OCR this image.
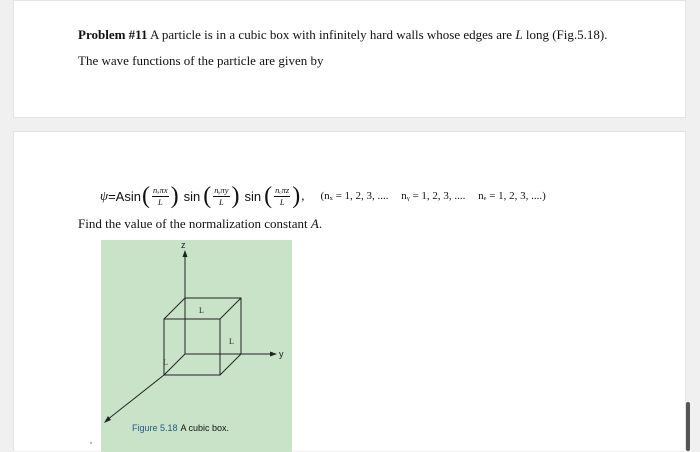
Problem #11 A particle is in a cubic box with infinitely hard walls whose edges are L long (Fig.5.18).
The wave functions of the particle are given by
ψ = Asin ( $\frac{\text{nₓπx}}{L}$ ) sin ( $\frac{\text{nᵧπy}}{L}$ ) sin ( $\frac{\text{nₑπz}}{L}$ ) , (nₓ = 1, 2, 3, .... nᵧ = 1, 2, 3, .... nₑ = 1, 2, 3, ....)
Find the value of the normalization constant A.
z
y
L
L
L
Figure 5.18 A cubic box.
